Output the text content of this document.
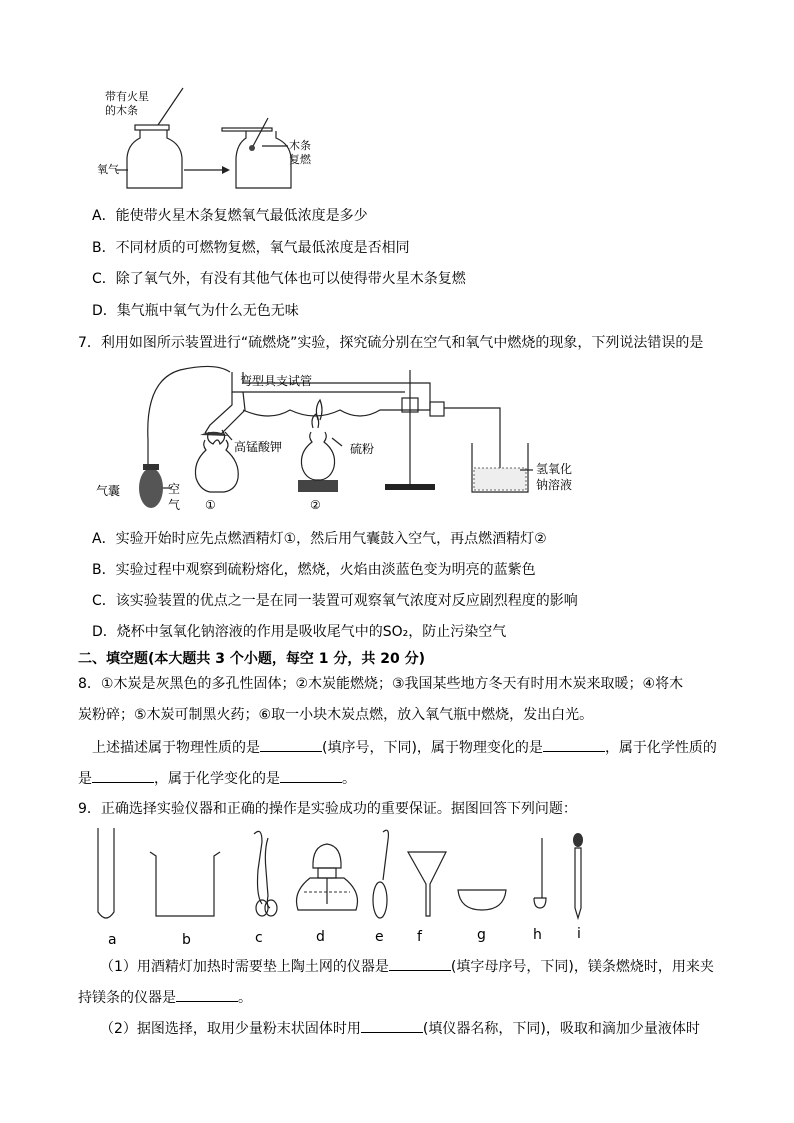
带有火星
的木条
氧气
木条
复燃
A．能使带火星木条复燃氧气最低浓度是多少
B．不同材质的可燃物复燃，氧气最低浓度是否相同
C．除了氧气外，有没有其他气体也可以使得带火星木条复燃
D．集气瓶中氧气为什么无色无味
7．利用如图所示装置进行“硫燃烧”实验，探究硫分别在空气和氧气中燃烧的现象，下列说法错误的是
弯型具支试管
高锰酸钾	硫粉
气囊	空
气 ①	②
氢氧化
钠溶液
A．实验开始时应先点燃酒精灯①，然后用气囊鼓入空气，再点燃酒精灯②
B．实验过程中观察到硫粉熔化，燃烧，火焰由淡蓝色变为明亮的蓝紫色
C．该实验装置的优点之一是在同一装置可观察氧气浓度对反应剧烈程度的影响
D．烧杯中氢氧化钠溶液的作用是吸收尾气中的SO₂，防止污染空气
二、填空题(本大题共 3 个小题，每空 1 分，共 20 分)
8．①木炭是灰黑色的多孔性固体；②木炭能燃烧；③我国某些地方冬天有时用木炭来取暖；④将木
炭粉碎；⑤木炭可制黑火药；⑥取一小块木炭点燃，放入氧气瓶中燃烧，发出白光。
上述描述属于物理性质的是	(填序号，下同)，属于物理变化的是	，属于化学性质的
是	，属于化学变化的是	。
9．正确选择实验仪器和正确的操作是实验成功的重要保证。据图回答下列问题：
a	b	c	d	e f	g	h	i
（1）用酒精灯加热时需要垫上陶土网的仪器是	(填字母序号，下同)，镁条燃烧时，用来夹
持镁条的仪器是	。
（2）据图选择，取用少量粉末状固体时用	(填仪器名称，下同)，吸取和滴加少量液体时
